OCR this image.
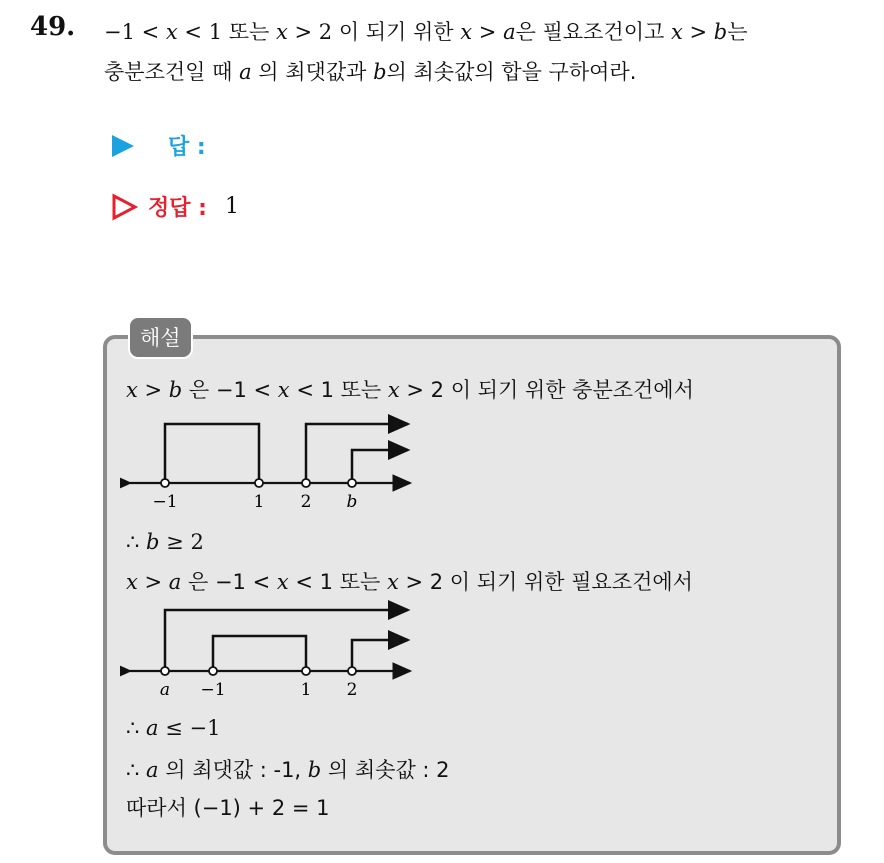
49. −1 < x < 1 또는 x > 2 이 되기 위한 x > a은 필요조건이고 x > b는
충분조건일 때 a 의 최댓값과 b의 최솟값의 합을 구하여라.
답 :
정답 : 1
해설
x > b 은 −1 < x < 1 또는 x > 2 이 되기 위한 충분조건에서
−1	1 2 b
∴ b ≥ 2
x > a 은 −1 < x < 1 또는 x > 2 이 되기 위한 필요조건에서
a −1	1 2
∴ a ≤ −1
∴ a 의 최댓값 : -1, b 의 최솟값 : 2
따라서 (−1) + 2 = 1
